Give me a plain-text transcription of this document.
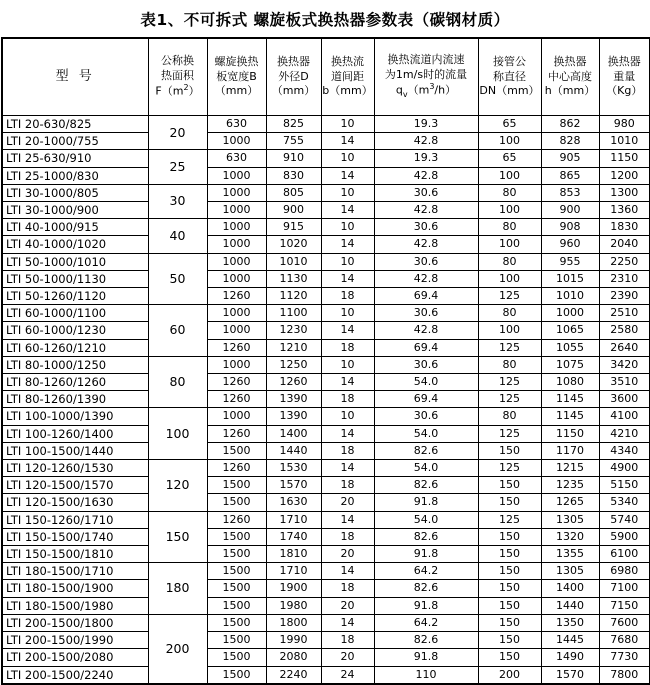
表1、不可拆式 螺旋板式换热器参数表（碳钢材质）
型 号	公称换
热面积
$F(m^2)$	螺旋换热
板宽度B
（mm）	换热器
外径D
（mm）	换热流
道间距
b（mm）	换热流道内流速
为1m/s时的流量
$q_v(m^3/h)$	接管公
称直径
DN（mm）	换热器
中心高度
h（mm）	换热器
重量
（Kg）

LTI 20-630/825	20	630	825	10	19.3	65	862	980
LTI 20-1000/755		1000	755	14	42.8	100	828	1010
LTI 25-630/910	25	630	910	10	19.3	65	905	1150
LTI 25-1000/830		1000	830	14	42.8	100	865	1200
LTI 30-1000/805	30	1000	805	10	30.6	80	853	1300
LTI 30-1000/900		1000	900	14	42.8	100	900	1360
LTI 40-1000/915	40	1000	915	10	30.6	80	908	1830
LTI 40-1000/1020		1000	1020	14	42.8	100	960	2040
LTI 50-1000/1010	50	1000	1010	10	30.6	80	955	2250
LTI 50-1000/1130		1000	1130	14	42.8	100	1015	2310
LTI 50-1260/1120		1260	1120	18	69.4	125	1010	2390
LTI 60-1000/1100	60	1000	1100	10	30.6	80	1000	2510
LTI 60-1000/1230		1000	1230	14	42.8	100	1065	2580
LTI 60-1260/1210		1260	1210	18	69.4	125	1055	2640
LTI 80-1000/1250	80	1000	1250	10	30.6	80	1075	3420
LTI 80-1260/1260		1260	1260	14	54.0	125	1080	3510
LTI 80-1260/1390		1260	1390	18	69.4	125	1145	3600
LTI 100-1000/1390	100	1000	1390	10	30.6	80	1145	4100
LTI 100-1260/1400		1260	1400	14	54.0	125	1150	4210
LTI 100-1500/1440		1500	1440	18	82.6	150	1170	4340
LTI 120-1260/1530	120	1260	1530	14	54.0	125	1215	4900
LTI 120-1500/1570		1500	1570	18	82.6	150	1235	5150
LTI 120-1500/1630		1500	1630	20	91.8	150	1265	5340
LTI 150-1260/1710	150	1260	1710	14	54.0	125	1305	5740
LTI 150-1500/1740		1500	1740	18	82.6	150	1320	5900
LTI 150-1500/1810		1500	1810	20	91.8	150	1355	6100
LTI 180-1500/1710	180	1500	1710	14	64.2	150	1305	6980
LTI 180-1500/1900		1500	1900	18	82.6	150	1400	7100
LTI 180-1500/1980		1500	1980	20	91.8	150	1440	7150
LTI 200-1500/1800	200	1500	1800	14	64.2	150	1350	7600
LTI 200-1500/1990		1500	1990	18	82.6	150	1445	7680
LTI 200-1500/2080		1500	2080	20	91.8	150	1490	7730
LTI 200-1500/2240		1500	2240	24	110	200	1570	7800
